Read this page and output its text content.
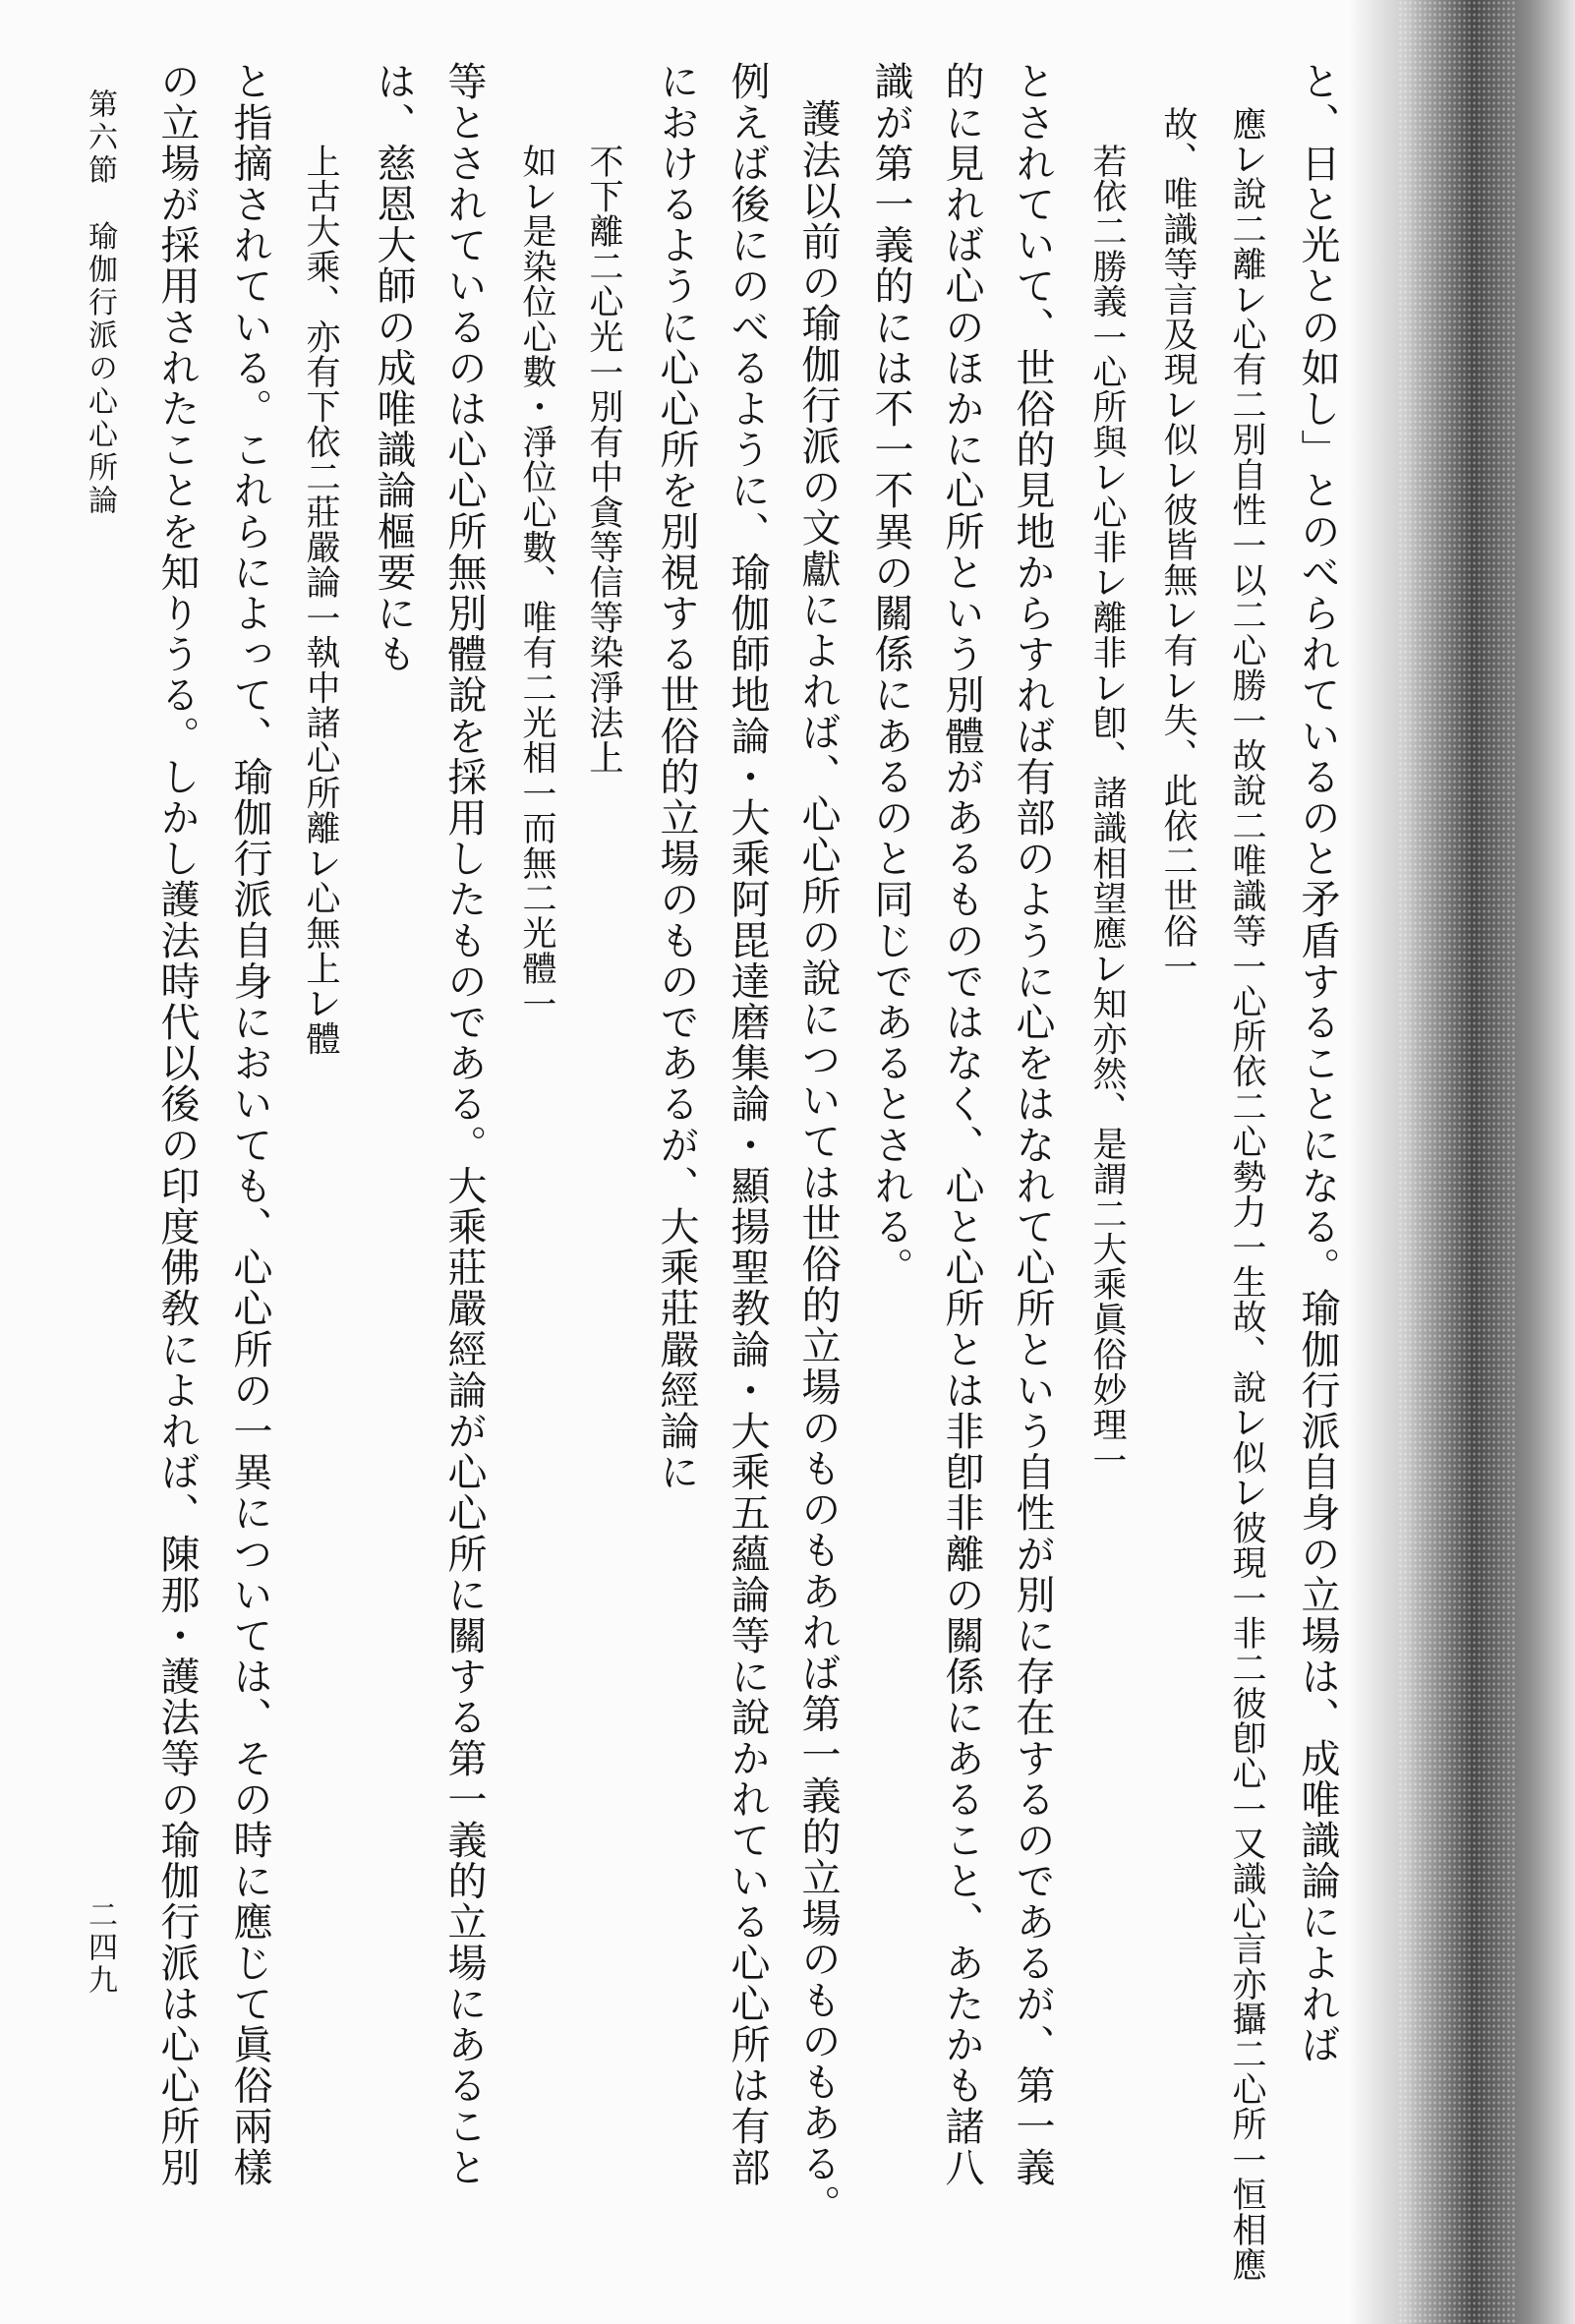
と、日と光との如し」とのべられているのと矛盾することになる。瑜伽行派自身の立場は、成唯識論によれば
應㆑說㆓離㆑心有㆓別自性㆒以㆓心勝㆒故說㆓唯識等㆒心所依㆓心勢力㆒生故、說㆑似㆑彼現㆒非㆓彼卽心㆒又識心言亦攝㆓心所㆒恒相應
故、唯識等言及現㆑似㆑彼皆無㆑有㆑失、此依㆓世俗㆒
若依㆓勝義㆒心所與㆑心非㆑離非㆑卽、諸識相望應㆑知亦然、是謂㆓大乘眞俗妙理㆒
とされていて、世俗的見地からすれば有部のように心をはなれて心所という自性が別に存在するのであるが、第一義
的に見れば心のほかに心所という別體があるものではなく、心と心所とは非卽非離の關係にあること、あたかも諸八
識が第一義的には不一不異の關係にあるのと同じであるとされる。
護法以前の瑜伽行派の文獻によれば、心心所の說については世俗的立場のものもあれば第一義的立場のものもある。
例えば後にのべるように、瑜伽師地論・大乘阿毘達磨集論・顯揚聖教論・大乘五蘊論等に說かれている心心所は有部
におけるように心心所を別視する世俗的立場のものであるが、大乘莊嚴經論に
不㆘離㆓心光㆒別有㆗貪等信等染淨法㆖
如㆑是染位心數・淨位心數、唯有㆓光相㆒而無㆓光體㆒
等とされているのは心心所無別體說を採用したものである。大乘莊嚴經論が心心所に關する第一義的立場にあること
は、慈恩大師の成唯識論樞要にも
上古大乘、亦有㆘依㆓莊嚴論㆒執㆗諸心所離㆑心無㆖㆑體
と指摘されている。これらによって、瑜伽行派自身においても、心心所の一異については、その時に應じて眞俗兩樣
の立場が採用されたことを知りうる。しかし護法時代以後の印度佛敎によれば、陳那・護法等の瑜伽行派は心心所別
第六節　瑜伽行派の心心所論
二四九
